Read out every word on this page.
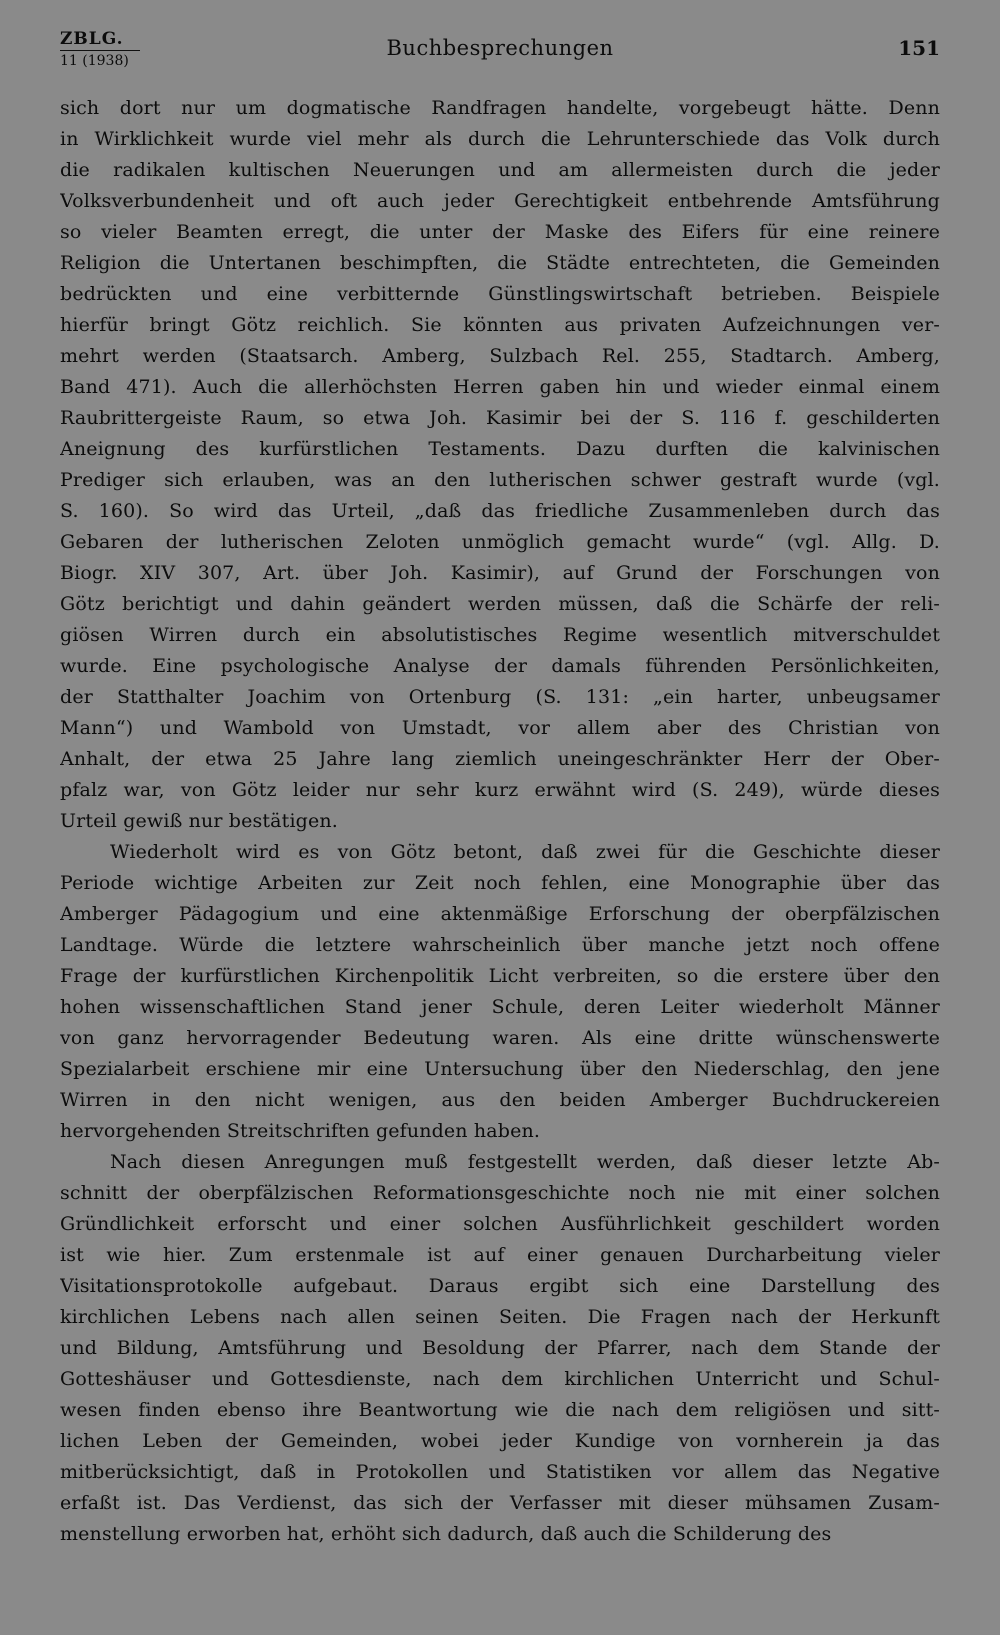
ZBLG.
11 (1938)
Buchbesprechungen	151
sich dort nur um dogmatische Randfragen handelte, vorgebeugt hätte. Denn
in Wirklichkeit wurde viel mehr als durch die Lehrunterschiede das Volk durch
die radikalen kultischen Neuerungen und am allermeisten durch die jeder
Volksverbundenheit und oft auch jeder Gerechtigkeit entbehrende Amtsführung
so vieler Beamten erregt, die unter der Maske des Eifers für eine reinere
Religion die Untertanen beschimpften, die Städte entrechteten, die Gemeinden
bedrückten und eine verbitternde Günstlingswirtschaft betrieben. Beispiele
hierfür bringt Götz reichlich. Sie könnten aus privaten Aufzeichnungen ver-
mehrt werden (Staatsarch. Amberg, Sulzbach Rel. 255, Stadtarch. Amberg,
Band 471). Auch die allerhöchsten Herren gaben hin und wieder einmal einem
Raubrittergeiste Raum, so etwa Joh. Kasimir bei der S. 116 f. geschilderten
Aneignung des kurfürstlichen Testaments. Dazu durften die kalvinischen
Prediger sich erlauben, was an den lutherischen schwer gestraft wurde (vgl.
S. 160). So wird das Urteil, „daß das friedliche Zusammenleben durch das
Gebaren der lutherischen Zeloten unmöglich gemacht wurde“ (vgl. Allg. D.
Biogr. XIV 307, Art. über Joh. Kasimir), auf Grund der Forschungen von
Götz berichtigt und dahin geändert werden müssen, daß die Schärfe der reli-
giösen Wirren durch ein absolutistisches Regime wesentlich mitverschuldet
wurde. Eine psychologische Analyse der damals führenden Persönlichkeiten,
der Statthalter Joachim von Ortenburg (S. 131: „ein harter, unbeugsamer
Mann“) und Wambold von Umstadt, vor allem aber des Christian von
Anhalt, der etwa 25 Jahre lang ziemlich uneingeschränkter Herr der Ober-
pfalz war, von Götz leider nur sehr kurz erwähnt wird (S. 249), würde dieses
Urteil gewiß nur bestätigen.
Wiederholt wird es von Götz betont, daß zwei für die Geschichte dieser
Periode wichtige Arbeiten zur Zeit noch fehlen, eine Monographie über das
Amberger Pädagogium und eine aktenmäßige Erforschung der oberpfälzischen
Landtage. Würde die letztere wahrscheinlich über manche jetzt noch offene
Frage der kurfürstlichen Kirchenpolitik Licht verbreiten, so die erstere über den
hohen wissenschaftlichen Stand jener Schule, deren Leiter wiederholt Männer
von ganz hervorragender Bedeutung waren. Als eine dritte wünschenswerte
Spezialarbeit erschiene mir eine Untersuchung über den Niederschlag, den jene
Wirren in den nicht wenigen, aus den beiden Amberger Buchdruckereien
hervorgehenden Streitschriften gefunden haben.
Nach diesen Anregungen muß festgestellt werden, daß dieser letzte Ab-
schnitt der oberpfälzischen Reformationsgeschichte noch nie mit einer solchen
Gründlichkeit erforscht und einer solchen Ausführlichkeit geschildert worden
ist wie hier. Zum erstenmale ist auf einer genauen Durcharbeitung vieler
Visitationsprotokolle aufgebaut. Daraus ergibt sich eine Darstellung des
kirchlichen Lebens nach allen seinen Seiten. Die Fragen nach der Herkunft
und Bildung, Amtsführung und Besoldung der Pfarrer, nach dem Stande der
Gotteshäuser und Gottesdienste, nach dem kirchlichen Unterricht und Schul-
wesen finden ebenso ihre Beantwortung wie die nach dem religiösen und sitt-
lichen Leben der Gemeinden, wobei jeder Kundige von vornherein ja das
mitberücksichtigt, daß in Protokollen und Statistiken vor allem das Negative
erfaßt ist. Das Verdienst, das sich der Verfasser mit dieser mühsamen Zusam-
menstellung erworben hat, erhöht sich dadurch, daß auch die Schilderung des
